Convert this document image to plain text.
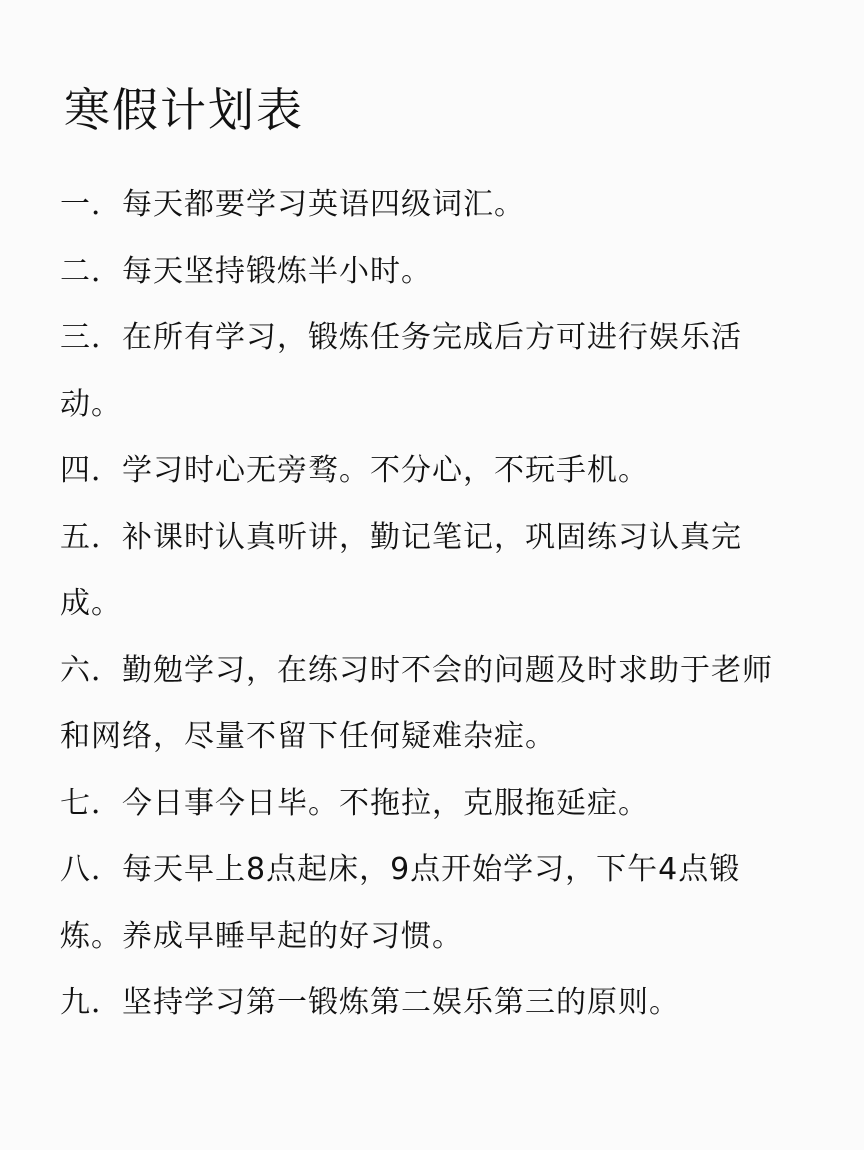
寒假计划表
一．每天都要学习英语四级词汇。
二．每天坚持锻炼半小时。
三．在所有学习，锻炼任务完成后方可进行娱乐活动。
四．学习时心无旁骛。不分心，不玩手机。
五．补课时认真听讲，勤记笔记，巩固练习认真完成。
六．勤勉学习，在练习时不会的问题及时求助于老师和网络，尽量不留下任何疑难杂症。
七．今日事今日毕。不拖拉，克服拖延症。
八．每天早上8点起床，9点开始学习，下午4点锻炼。养成早睡早起的好习惯。
九．坚持学习第一锻炼第二娱乐第三的原则。
